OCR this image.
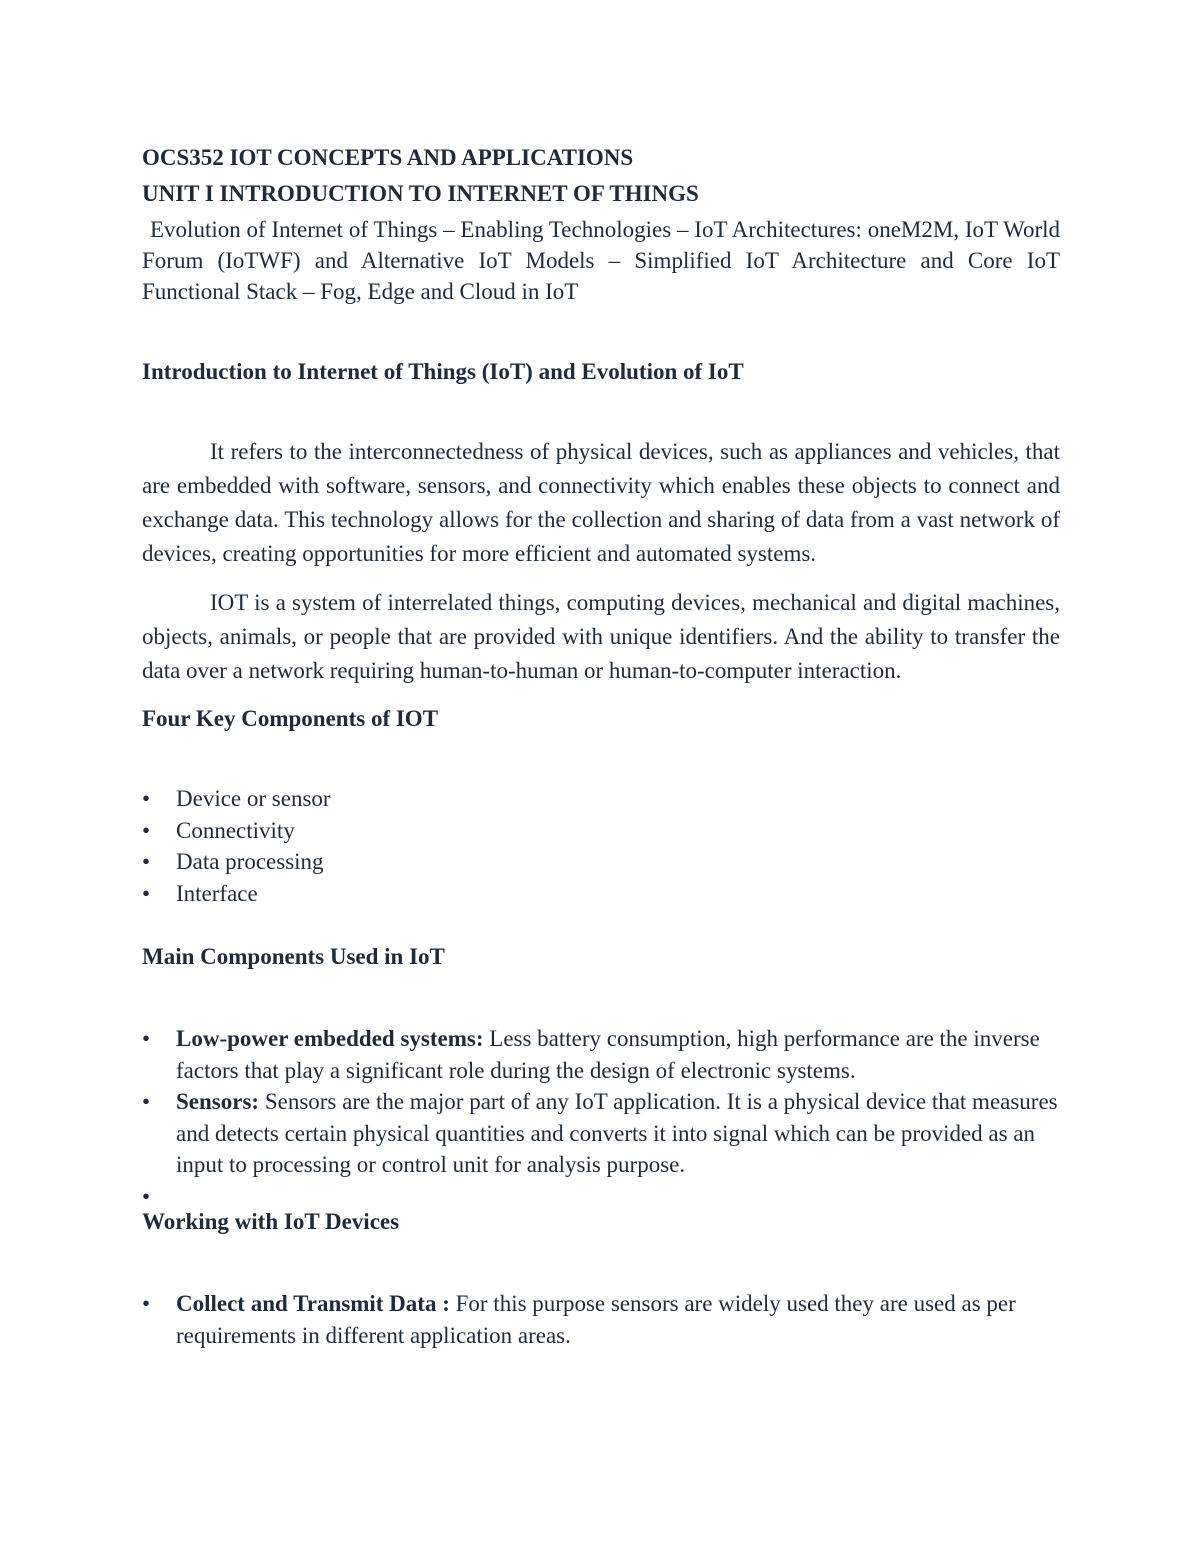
OCS352 IOT CONCEPTS AND APPLICATIONS

UNIT I INTRODUCTION TO INTERNET OF THINGS

Evolution of Internet of Things – Enabling Technologies – IoT Architectures: oneM2M, IoT World Forum (IoTWF) and Alternative IoT Models – Simplified IoT Architecture and Core IoT Functional Stack – Fog, Edge and Cloud in IoT

Introduction to Internet of Things (IoT) and Evolution of IoT

It refers to the interconnectedness of physical devices, such as appliances and vehicles, that are embedded with software, sensors, and connectivity which enables these objects to connect and exchange data. This technology allows for the collection and sharing of data from a vast network of devices, creating opportunities for more efficient and automated systems.

IOT is a system of interrelated things, computing devices, mechanical and digital machines, objects, animals, or people that are provided with unique identifiers. And the ability to transfer the data over a network requiring human-to-human or human-to-computer interaction.

Four Key Components of IOT

• Device or sensor
• Connectivity
• Data processing
• Interface

Main Components Used in IoT

• Low-power embedded systems: Less battery consumption, high performance are the inverse factors that play a significant role during the design of electronic systems.
• Sensors: Sensors are the major part of any IoT application. It is a physical device that measures and detects certain physical quantities and converts it into signal which can be provided as an input to processing or control unit for analysis purpose.
•

Working with IoT Devices

• Collect and Transmit Data : For this purpose sensors are widely used they are used as per requirements in different application areas.
